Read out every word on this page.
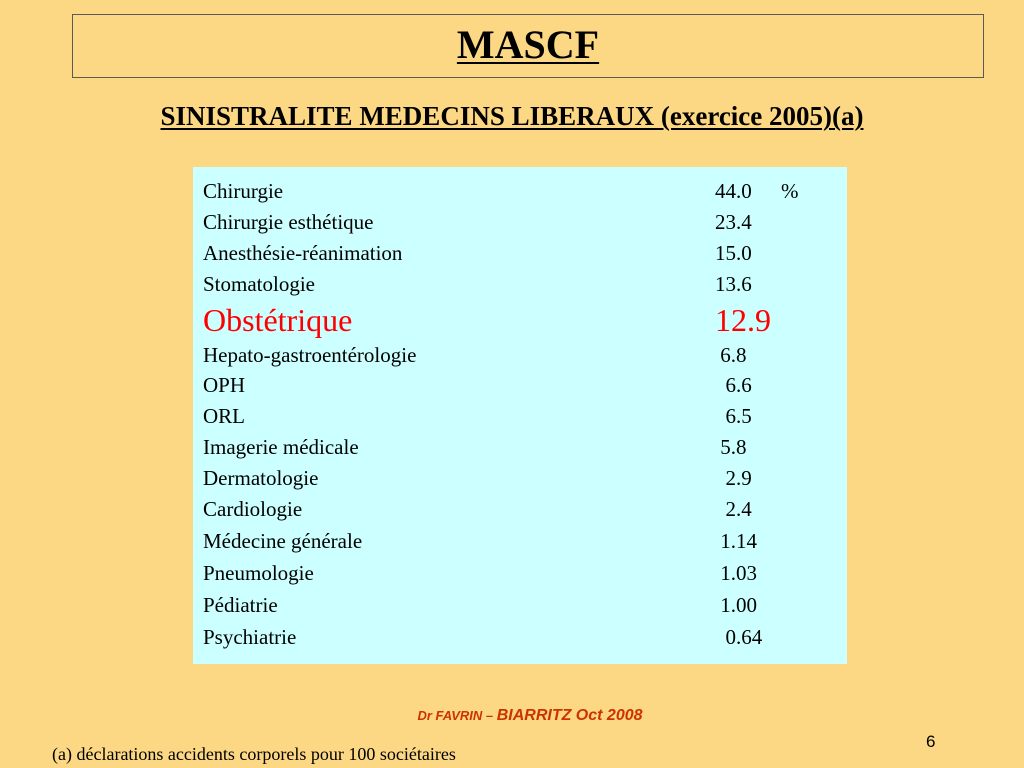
MASCF
SINISTRALITE MEDECINS LIBERAUX (exercice 2005)(a)
Chirurgie	44.0 %
Chirurgie esthétique	23.4
Anesthésie-réanimation	15.0
Stomatologie	13.6
Obstétrique	12.9
Hepato-gastroentérologie	6.8
OPH	6.6
ORL	6.5
Imagerie médicale	5.8
Dermatologie	2.9
Cardiologie	2.4
Médecine générale	1.14
Pneumologie	1.03
Pédiatrie	1.00
Psychiatrie	0.64
Dr FAVRIN – BIARRITZ Oct 2008
(a) déclarations accidents corporels pour 100 sociétaires
6
